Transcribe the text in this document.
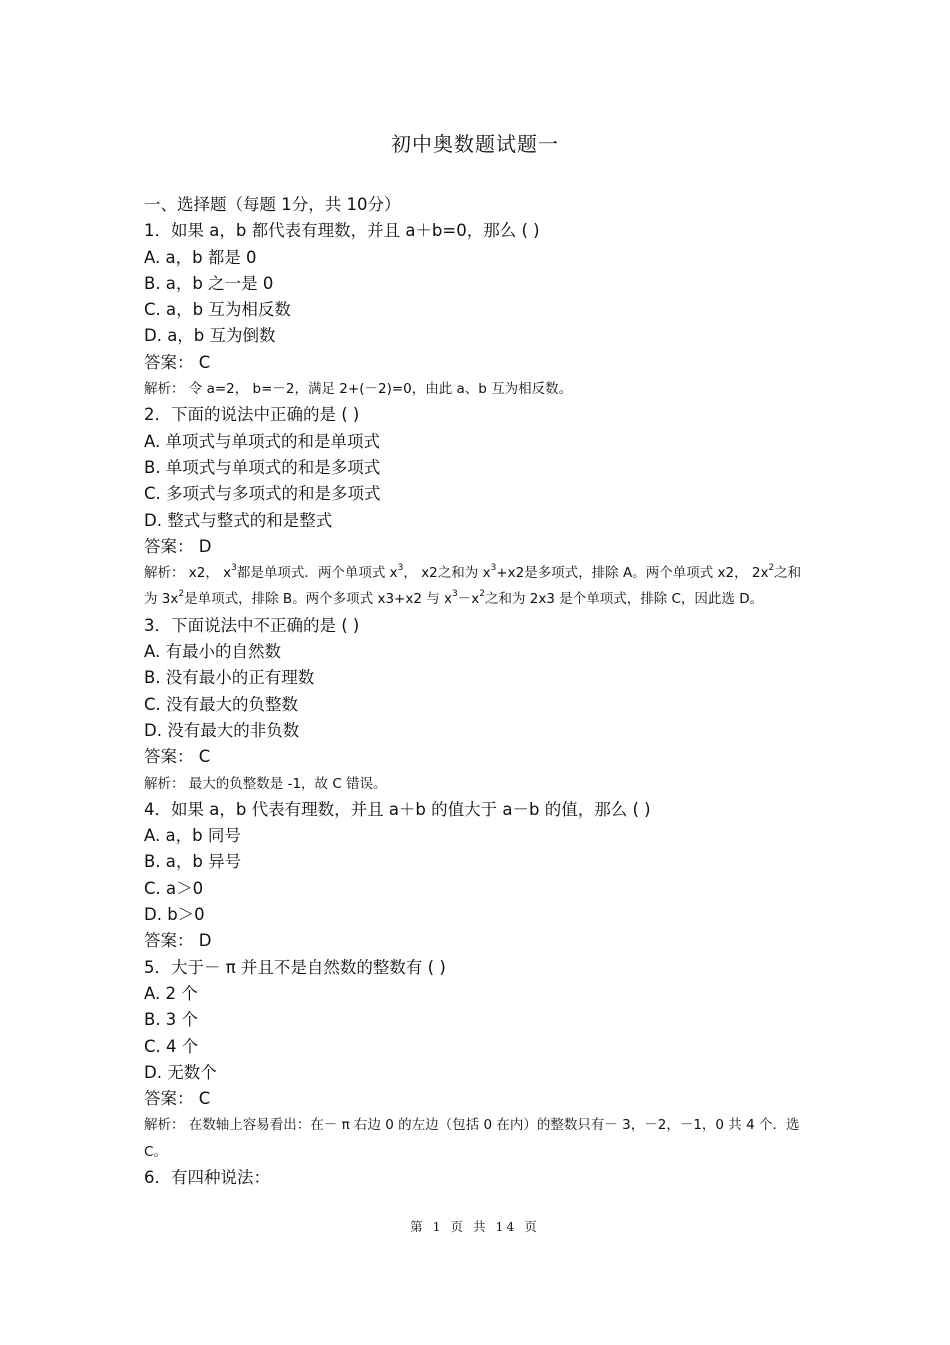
初中奥数题试题一
一、选择题（每题 1分，共 10分）
1．如果 a，b 都代表有理数，并且 a＋b=0，那么 ( )
A. a，b 都是 0
B. a，b 之一是 0
C. a，b 互为相反数
D. a，b 互为倒数
答案： C
解析： 令 a=2， b=－2，满足 2+(－2)=0，由此 a、b 互为相反数。
2．下面的说法中正确的是 ( )
A. 单项式与单项式的和是单项式
B. 单项式与单项式的和是多项式
C. 多项式与多项式的和是多项式
D. 整式与整式的和是整式
答案： D
解析： x2， $x^3$都是单项式．两个单项式 $x^3$， x2之和为 $x^3+x2$是多项式，排除 A。两个单项式 x2， $2x^2$之和为 $3x^2$是单项式，排除 B。两个多项式 x3+x2 与 $x^3-x^2$之和为 2x3 是个单项式，排除 C，因此选 D。
3．下面说法中不正确的是 ( )
A. 有最小的自然数
B. 没有最小的正有理数
C. 没有最大的负整数
D. 没有最大的非负数
答案： C
解析： 最大的负整数是 -1，故 C 错误。
4．如果 a，b 代表有理数，并且 a＋b 的值大于 a－b 的值，那么 ( )
A. a，b 同号
B. a，b 异号
C. a＞0
D. b＞0
答案： D
5．大于－ π 并且不是自然数的整数有 ( )
A. 2 个
B. 3 个
C. 4 个
D. 无数个
答案： C
解析： 在数轴上容易看出：在－ π 右边 0 的左边（包括 0 在内）的整数只有－ 3，－2，－1，0 共 4 个．选 C。
6．有四种说法：
第 1 页 共 14 页
